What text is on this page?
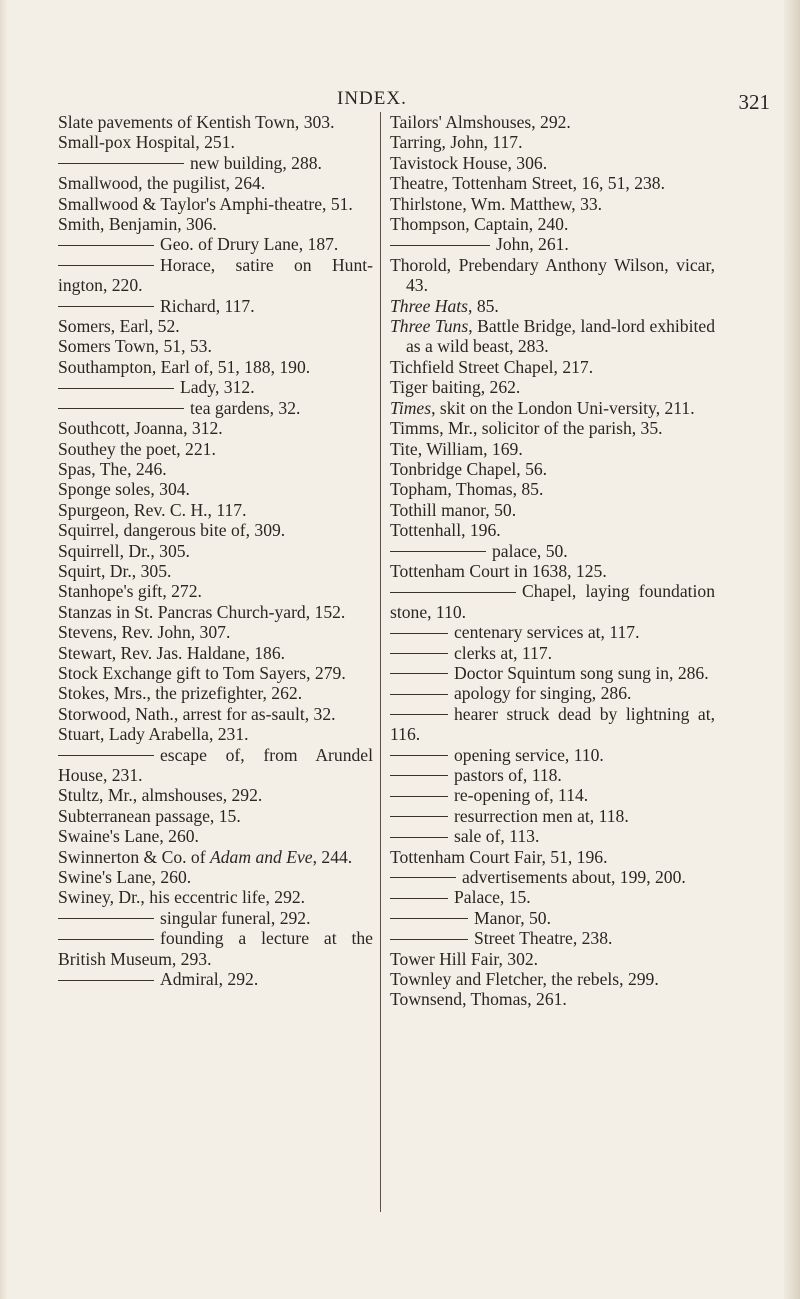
INDEX.	321
Slate pavements of Kentish Town, 303.
Small-pox Hospital, 251.
new building, 288.
Smallwood, the pugilist, 264.
Smallwood & Taylor's Amphi-theatre, 51.
Smith, Benjamin, 306.
Geo. of Drury Lane, 187.
Horace, satire on Hunt-ington, 220.
Richard, 117.
Somers, Earl, 52.
Somers Town, 51, 53.
Southampton, Earl of, 51, 188, 190.
Lady, 312.
tea gardens, 32.
Southcott, Joanna, 312.
Southey the poet, 221.
Spas, The, 246.
Sponge soles, 304.
Spurgeon, Rev. C. H., 117.
Squirrel, dangerous bite of, 309.
Squirrell, Dr., 305.
Squirt, Dr., 305.
Stanhope's gift, 272.
Stanzas in St. Pancras Church-yard, 152.
Stevens, Rev. John, 307.
Stewart, Rev. Jas. Haldane, 186.
Stock Exchange gift to Tom Sayers, 279.
Stokes, Mrs., the prizefighter, 262.
Storwood, Nath., arrest for as-sault, 32.
Stuart, Lady Arabella, 231.
escape of, from Arundel House, 231.
Stultz, Mr., almshouses, 292.
Subterranean passage, 15.
Swaine's Lane, 260.
Swinnerton & Co. of Adam and Eve, 244.
Swine's Lane, 260.
Swiney, Dr., his eccentric life, 292.
singular funeral, 292.
founding a lecture at the British Museum, 293.
Admiral, 292.
Tailors' Almshouses, 292.
Tarring, John, 117.
Tavistock House, 306.
Theatre, Tottenham Street, 16, 51, 238.
Thirlstone, Wm. Matthew, 33.
Thompson, Captain, 240.
John, 261.
Thorold, Prebendary Anthony Wilson, vicar, 43.
Three Hats, 85.
Three Tuns, Battle Bridge, land-lord exhibited as a wild beast, 283.
Tichfield Street Chapel, 217.
Tiger baiting, 262.
Times, skit on the London Uni-versity, 211.
Timms, Mr., solicitor of the parish, 35.
Tite, William, 169.
Tonbridge Chapel, 56.
Topham, Thomas, 85.
Tothill manor, 50.
Tottenhall, 196.
palace, 50.
Tottenham Court in 1638, 125.
Chapel, laying foundation stone, 110.
centenary services at, 117.
clerks at, 117.
Doctor Squintum song sung in, 286.
apology for singing, 286.
hearer struck dead by lightning at, 116.
opening service, 110.
pastors of, 118.
re-opening of, 114.
resurrection men at, 118.
sale of, 113.
Tottenham Court Fair, 51, 196.
advertisements about, 199, 200.
Palace, 15.
Manor, 50.
Street Theatre, 238.
Tower Hill Fair, 302.
Townley and Fletcher, the rebels, 299.
Townsend, Thomas, 261.
